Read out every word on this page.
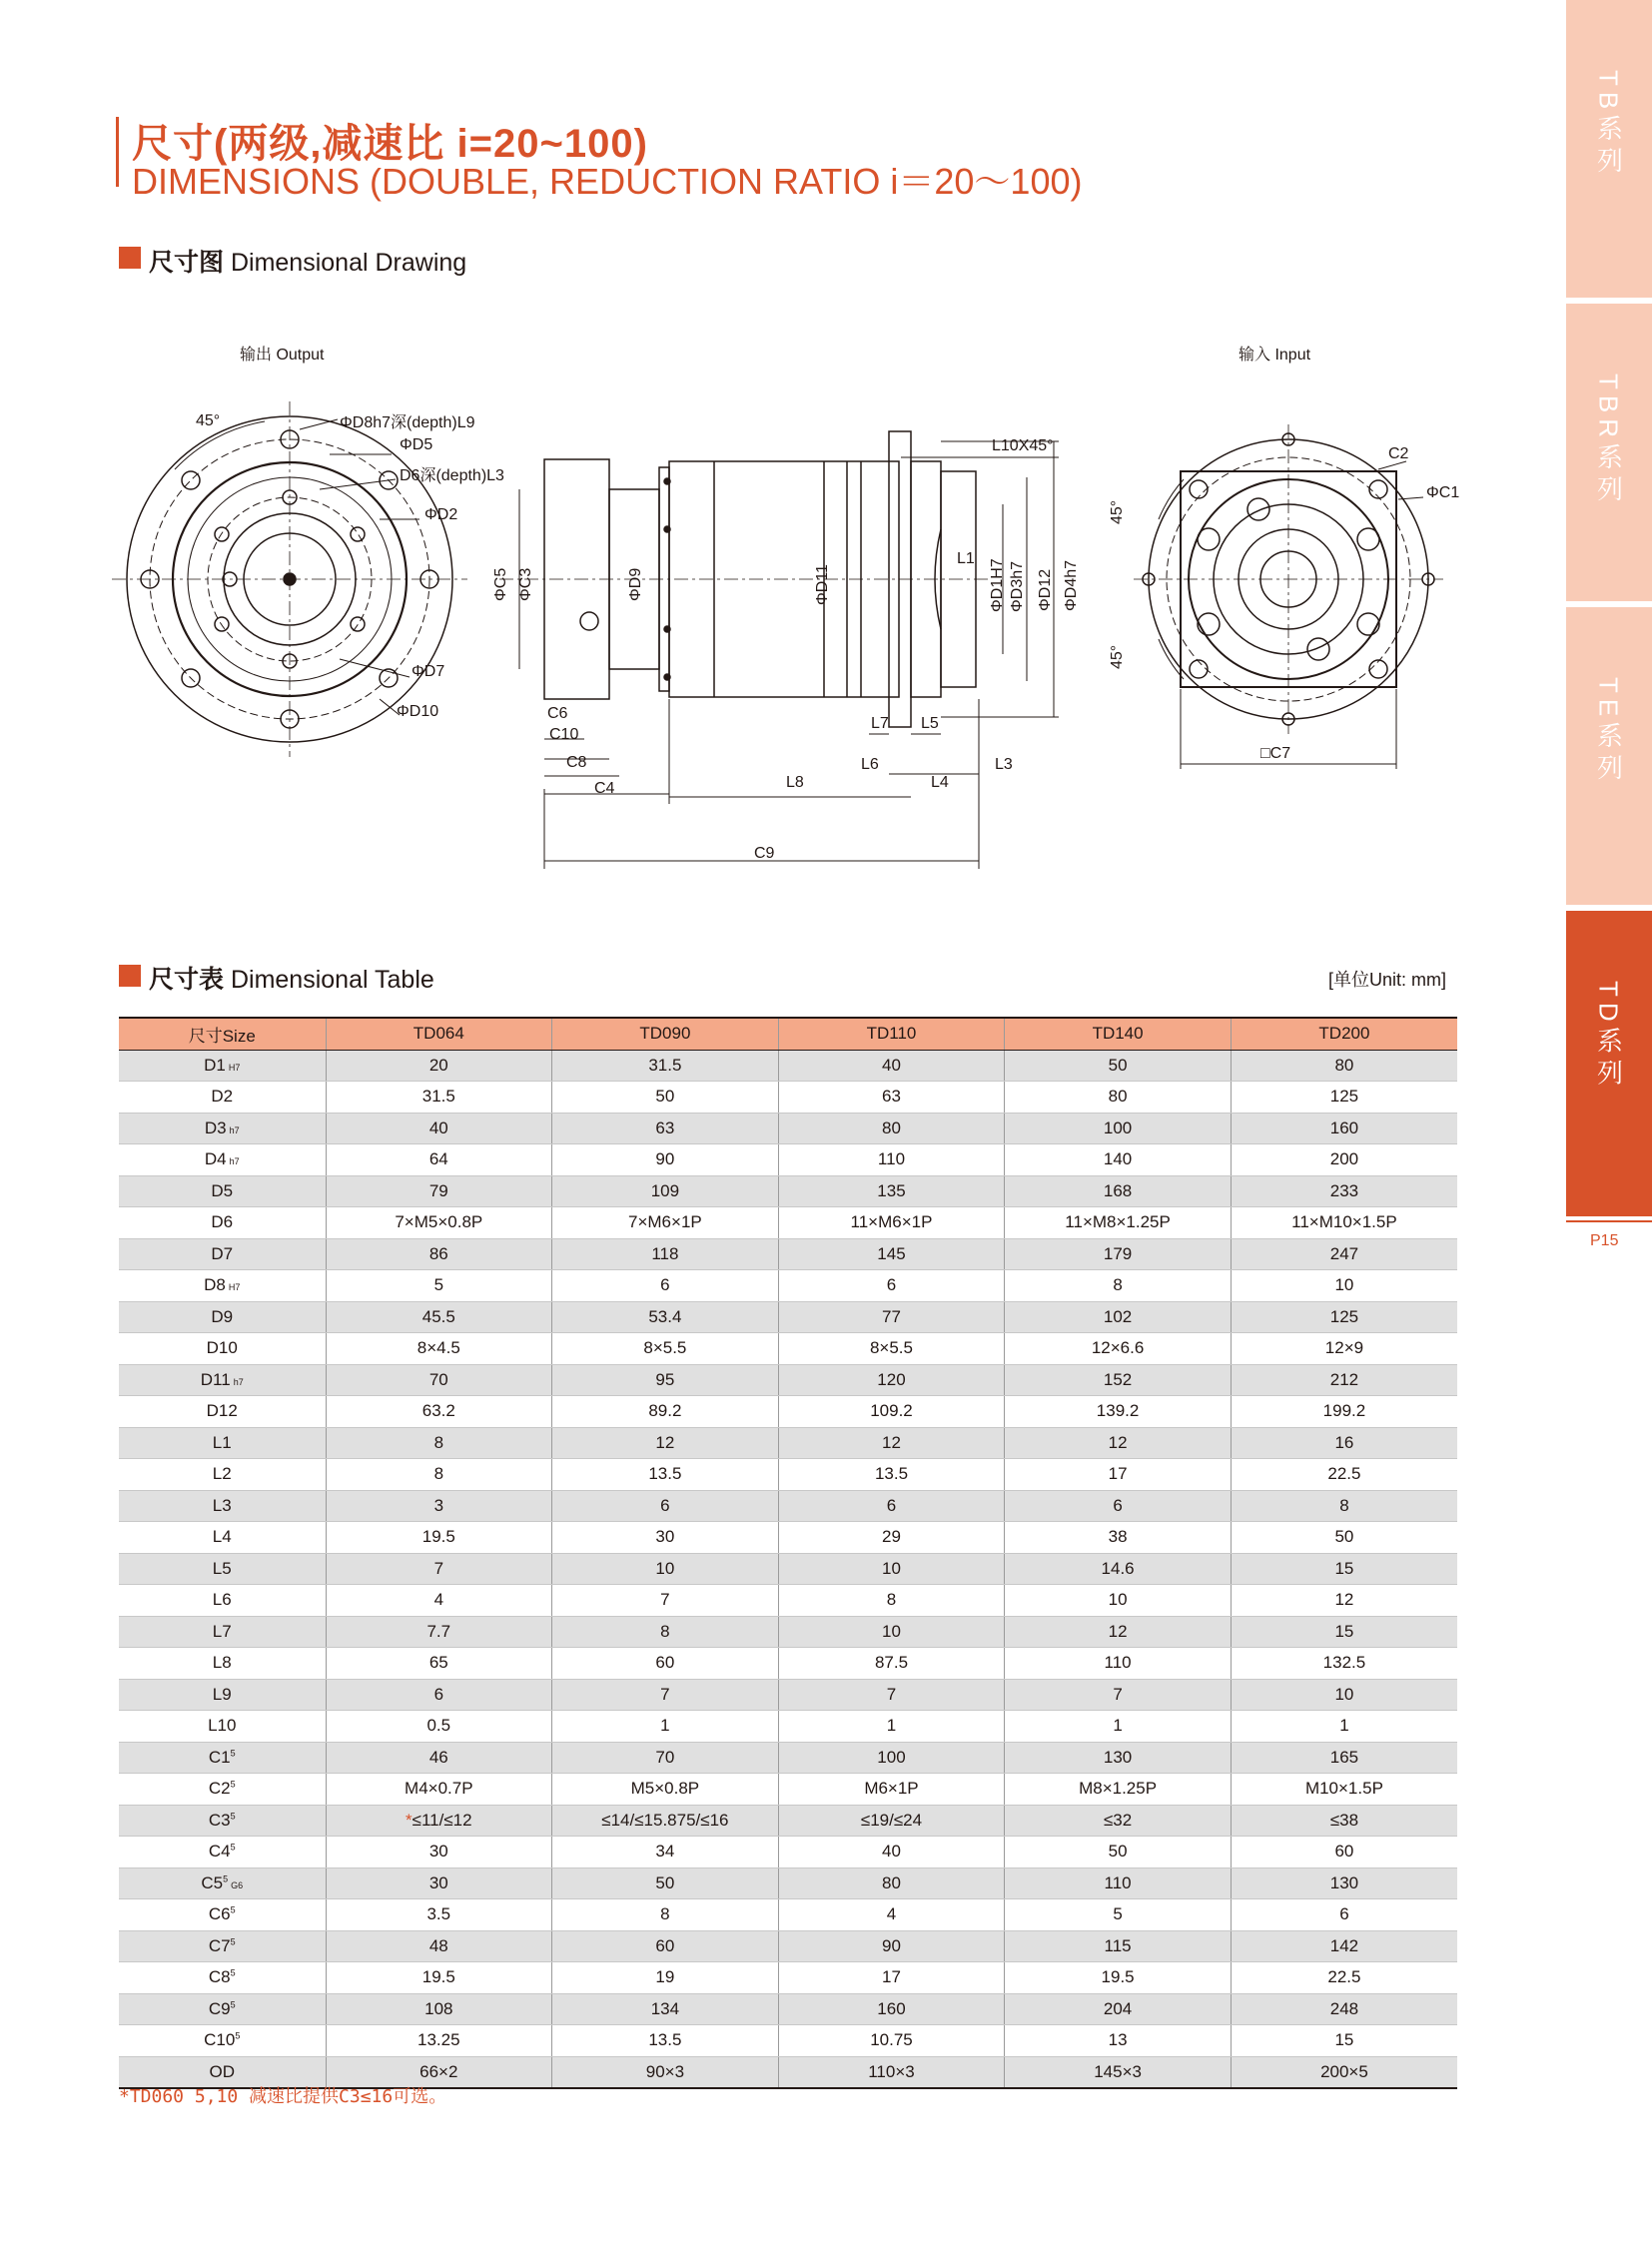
尺寸(两级,减速比 i=20~100)
DIMENSIONS (DOUBLE, REDUCTION RATIO i＝20～100)
尺寸图 Dimensional Drawing
TB系列
TBR系列
TE系列
TD系列
P15
输出 Output	输入 Input
45°	ΦD8h7深(depth)L9
ΦD5
D6深(depth)L3
ΦD2
ΦD7
ΦD10
ΦC5 ΦC3	ΦD9	ΦD11
L10X45°
L1 ΦD1H7 ΦD3h7 ΦD12 ΦD4h7
C6
C10
C8
C4	L8
L7 L5
L6
L4
L3
C9
C2
ΦC1
45°
45°
□C7
尺寸表 Dimensional Table	[单位Unit: mm]
尺寸Size	TD064	TD090	TD110	TD140	TD200
D1 H7	20	31.5	40	50	80
D2	31.5	50	63	80	125
D3 h7	40	63	80	100	160
D4 h7	64	90	110	140	200
D5	79	109	135	168	233
D6	7×M5×0.8P	7×M6×1P	11×M6×1P	11×M8×1.25P	11×M10×1.5P
D7	86	118	145	179	247
D8 H7	5	6	6	8	10
D9	45.5	53.4	77	102	125
D10	8×4.5	8×5.5	8×5.5	12×6.6	12×9
D11 h7	70	95	120	152	212
D12	63.2	89.2	109.2	139.2	199.2
L1	8	12	12	12	16
L2	8	13.5	13.5	17	22.5
L3	3	6	6	6	8
L4	19.5	30	29	38	50
L5	7	10	10	14.6	15
L6	4	7	8	10	12
L7	7.7	8	10	12	15
L8	65	60	87.5	110	132.5
L9	6	7	7	7	10
L10	0.5	1	1	1	1
$C1^5$	46	70	100	130	165
$C2^5$	M4×0.7P	M5×0.8P	M6×1P	M8×1.25P	M10×1.5P
$C3^5$	*≤11/≤12	≤14/≤15.875/≤16	≤19/≤24	≤32	≤38
$C4^5$	30	34	40	50	60
$C5^5G6$	30	50	80	110	130
$C6^5$	3.5	8	4	5	6
$C7^5$	48	60	90	115	142
$C8^5$	19.5	19	17	19.5	22.5
$C9^5$	108	134	160	204	248
$C10^5$	13.25	13.5	10.75	13	15
OD	66×2	90×3	110×3	145×3	200×5
*TD060 5,10 减速比提供C3≤16可选。
